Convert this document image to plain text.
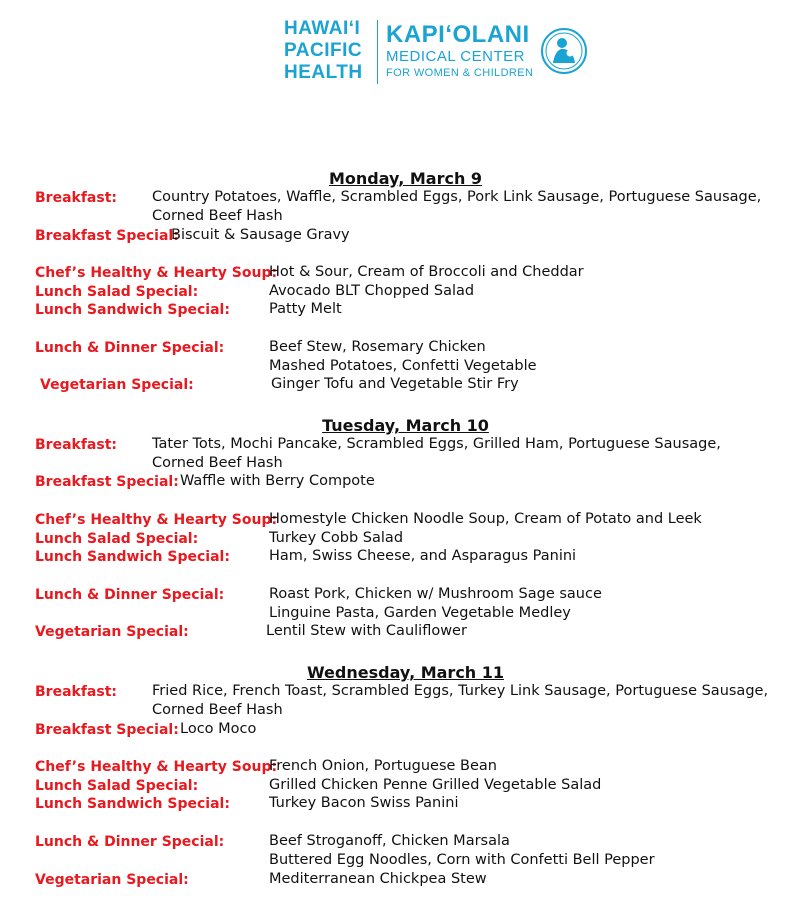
HAWAIʻI
PACIFIC
HEALTH
KAPIʻOLANI
MEDICAL CENTER
FOR WOMEN & CHILDREN
Monday, March 9
Breakfast: Country Potatoes, Waffle, Scrambled Eggs, Pork Link Sausage, Portuguese Sausage,
Corned Beef Hash
Breakfast Special:
Biscuit & Sausage Gravy
Chef’s Healthy & Hearty Soup:
Hot & Sour, Cream of Broccoli and Cheddar
Lunch Salad Special:	Avocado BLT Chopped Salad
Lunch Sandwich Special:	Patty Melt
Lunch & Dinner Special:	Beef Stew, Rosemary Chicken
Mashed Potatoes, Confetti Vegetable
Vegetarian Special:	Ginger Tofu and Vegetable Stir Fry
Tuesday, March 10
Breakfast: Tater Tots, Mochi Pancake, Scrambled Eggs, Grilled Ham, Portuguese Sausage,
Corned Beef Hash
Breakfast Special: Waffle with Berry Compote
Chef’s Healthy & Hearty Soup:
Homestyle Chicken Noodle Soup, Cream of Potato and Leek
Lunch Salad Special:	Turkey Cobb Salad
Lunch Sandwich Special:	Ham, Swiss Cheese, and Asparagus Panini
Lunch & Dinner Special:	Roast Pork, Chicken w/ Mushroom Sage sauce
Linguine Pasta, Garden Vegetable Medley
Vegetarian Special:	Lentil Stew with Cauliflower
Wednesday, March 11
Breakfast: Fried Rice, French Toast, Scrambled Eggs, Turkey Link Sausage, Portuguese Sausage,
Corned Beef Hash
Breakfast Special: Loco Moco
Chef’s Healthy & Hearty Soup:
French Onion, Portuguese Bean
Lunch Salad Special:	Grilled Chicken Penne Grilled Vegetable Salad
Lunch Sandwich Special:	Turkey Bacon Swiss Panini
Lunch & Dinner Special:	Beef Stroganoff, Chicken Marsala
Buttered Egg Noodles, Corn with Confetti Bell Pepper
Vegetarian Special:	Mediterranean Chickpea Stew
